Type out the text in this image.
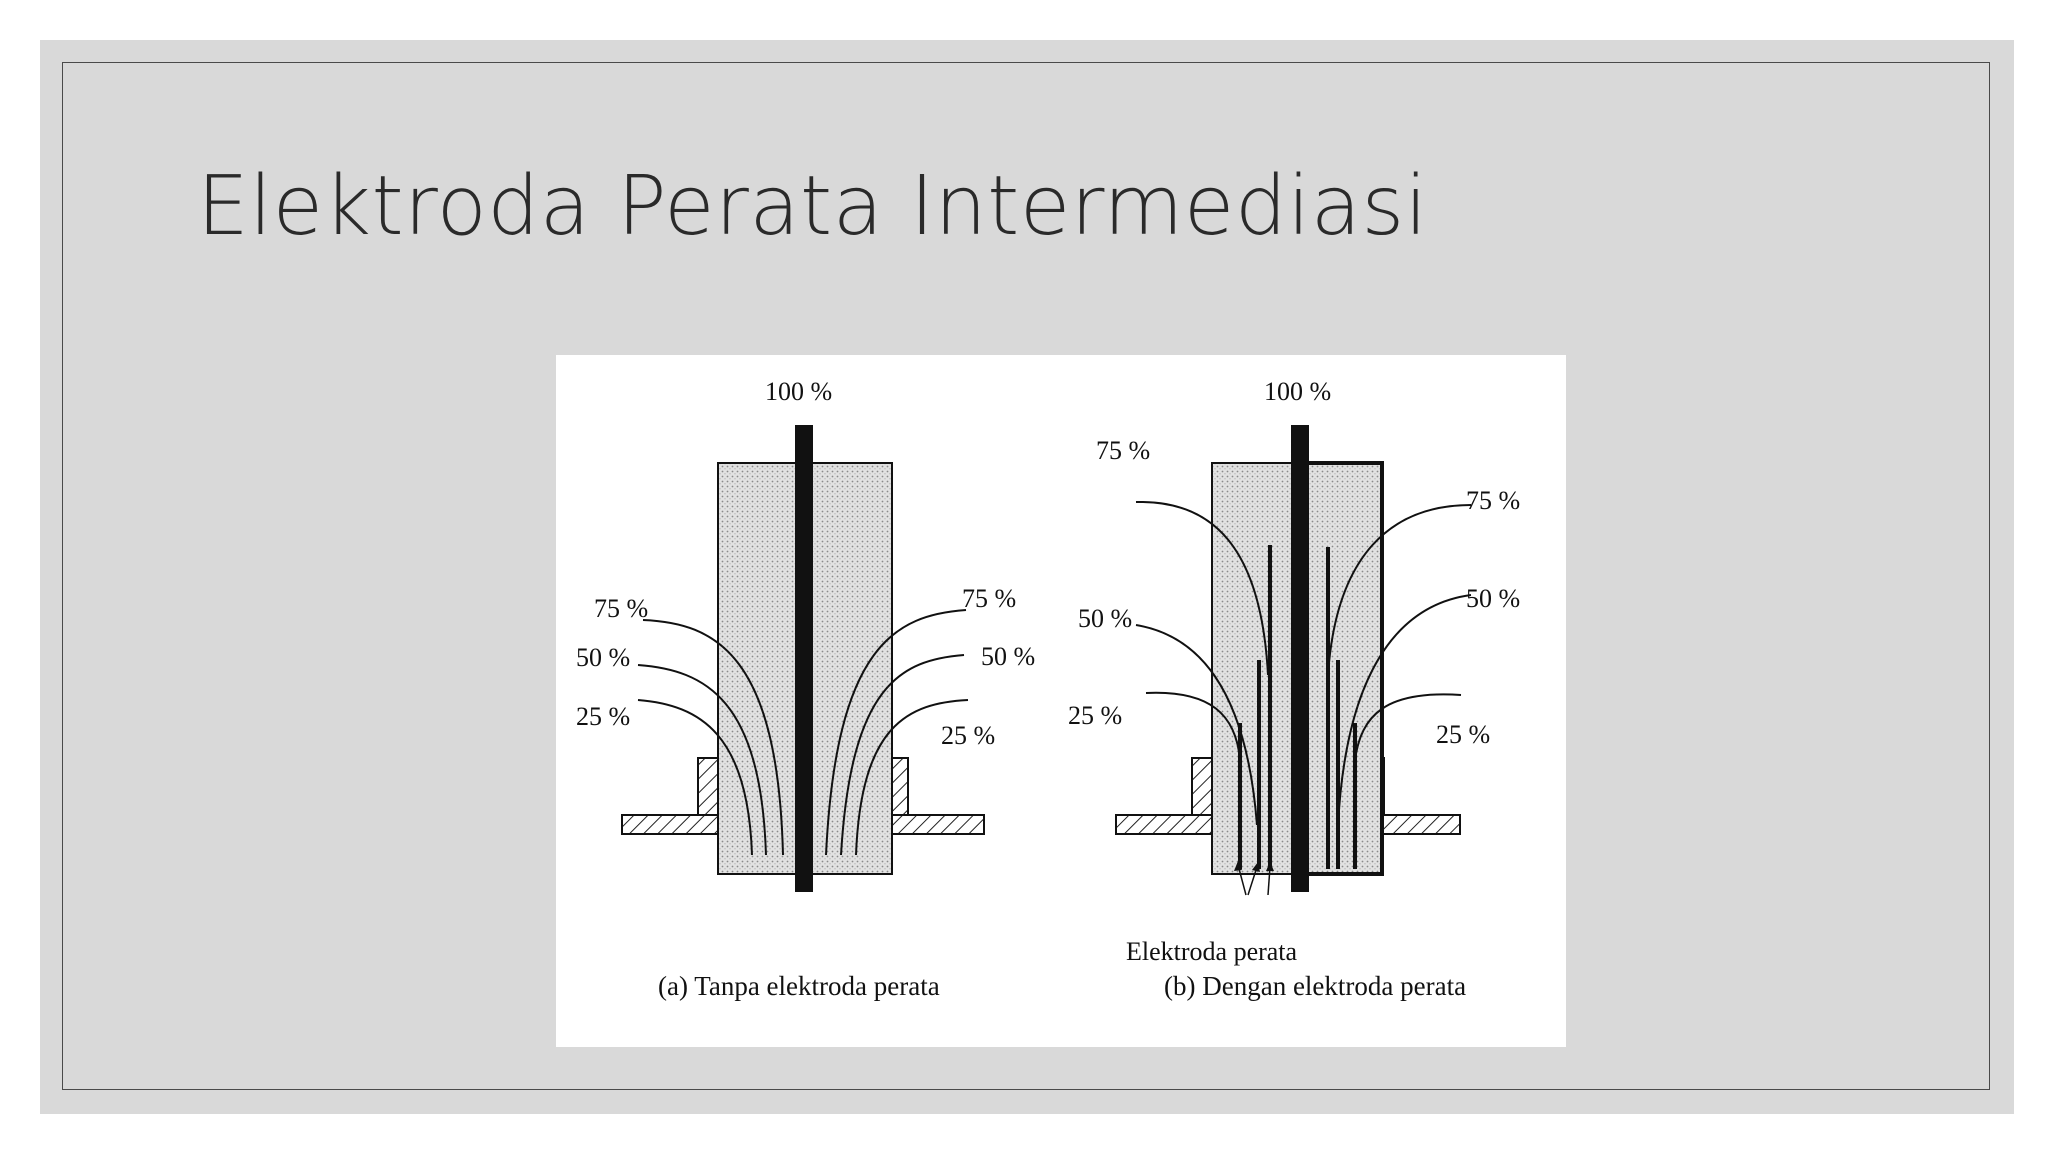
Elektroda Perata Intermediasi
100 %
75 %
50 %
25 %
75 %
50 %
25 %
(a) Tanpa elektroda perata
100 %
75 %
50 %
25 %
75 %
50 %
25 %
Elektroda perata
(b) Dengan elektroda perata
